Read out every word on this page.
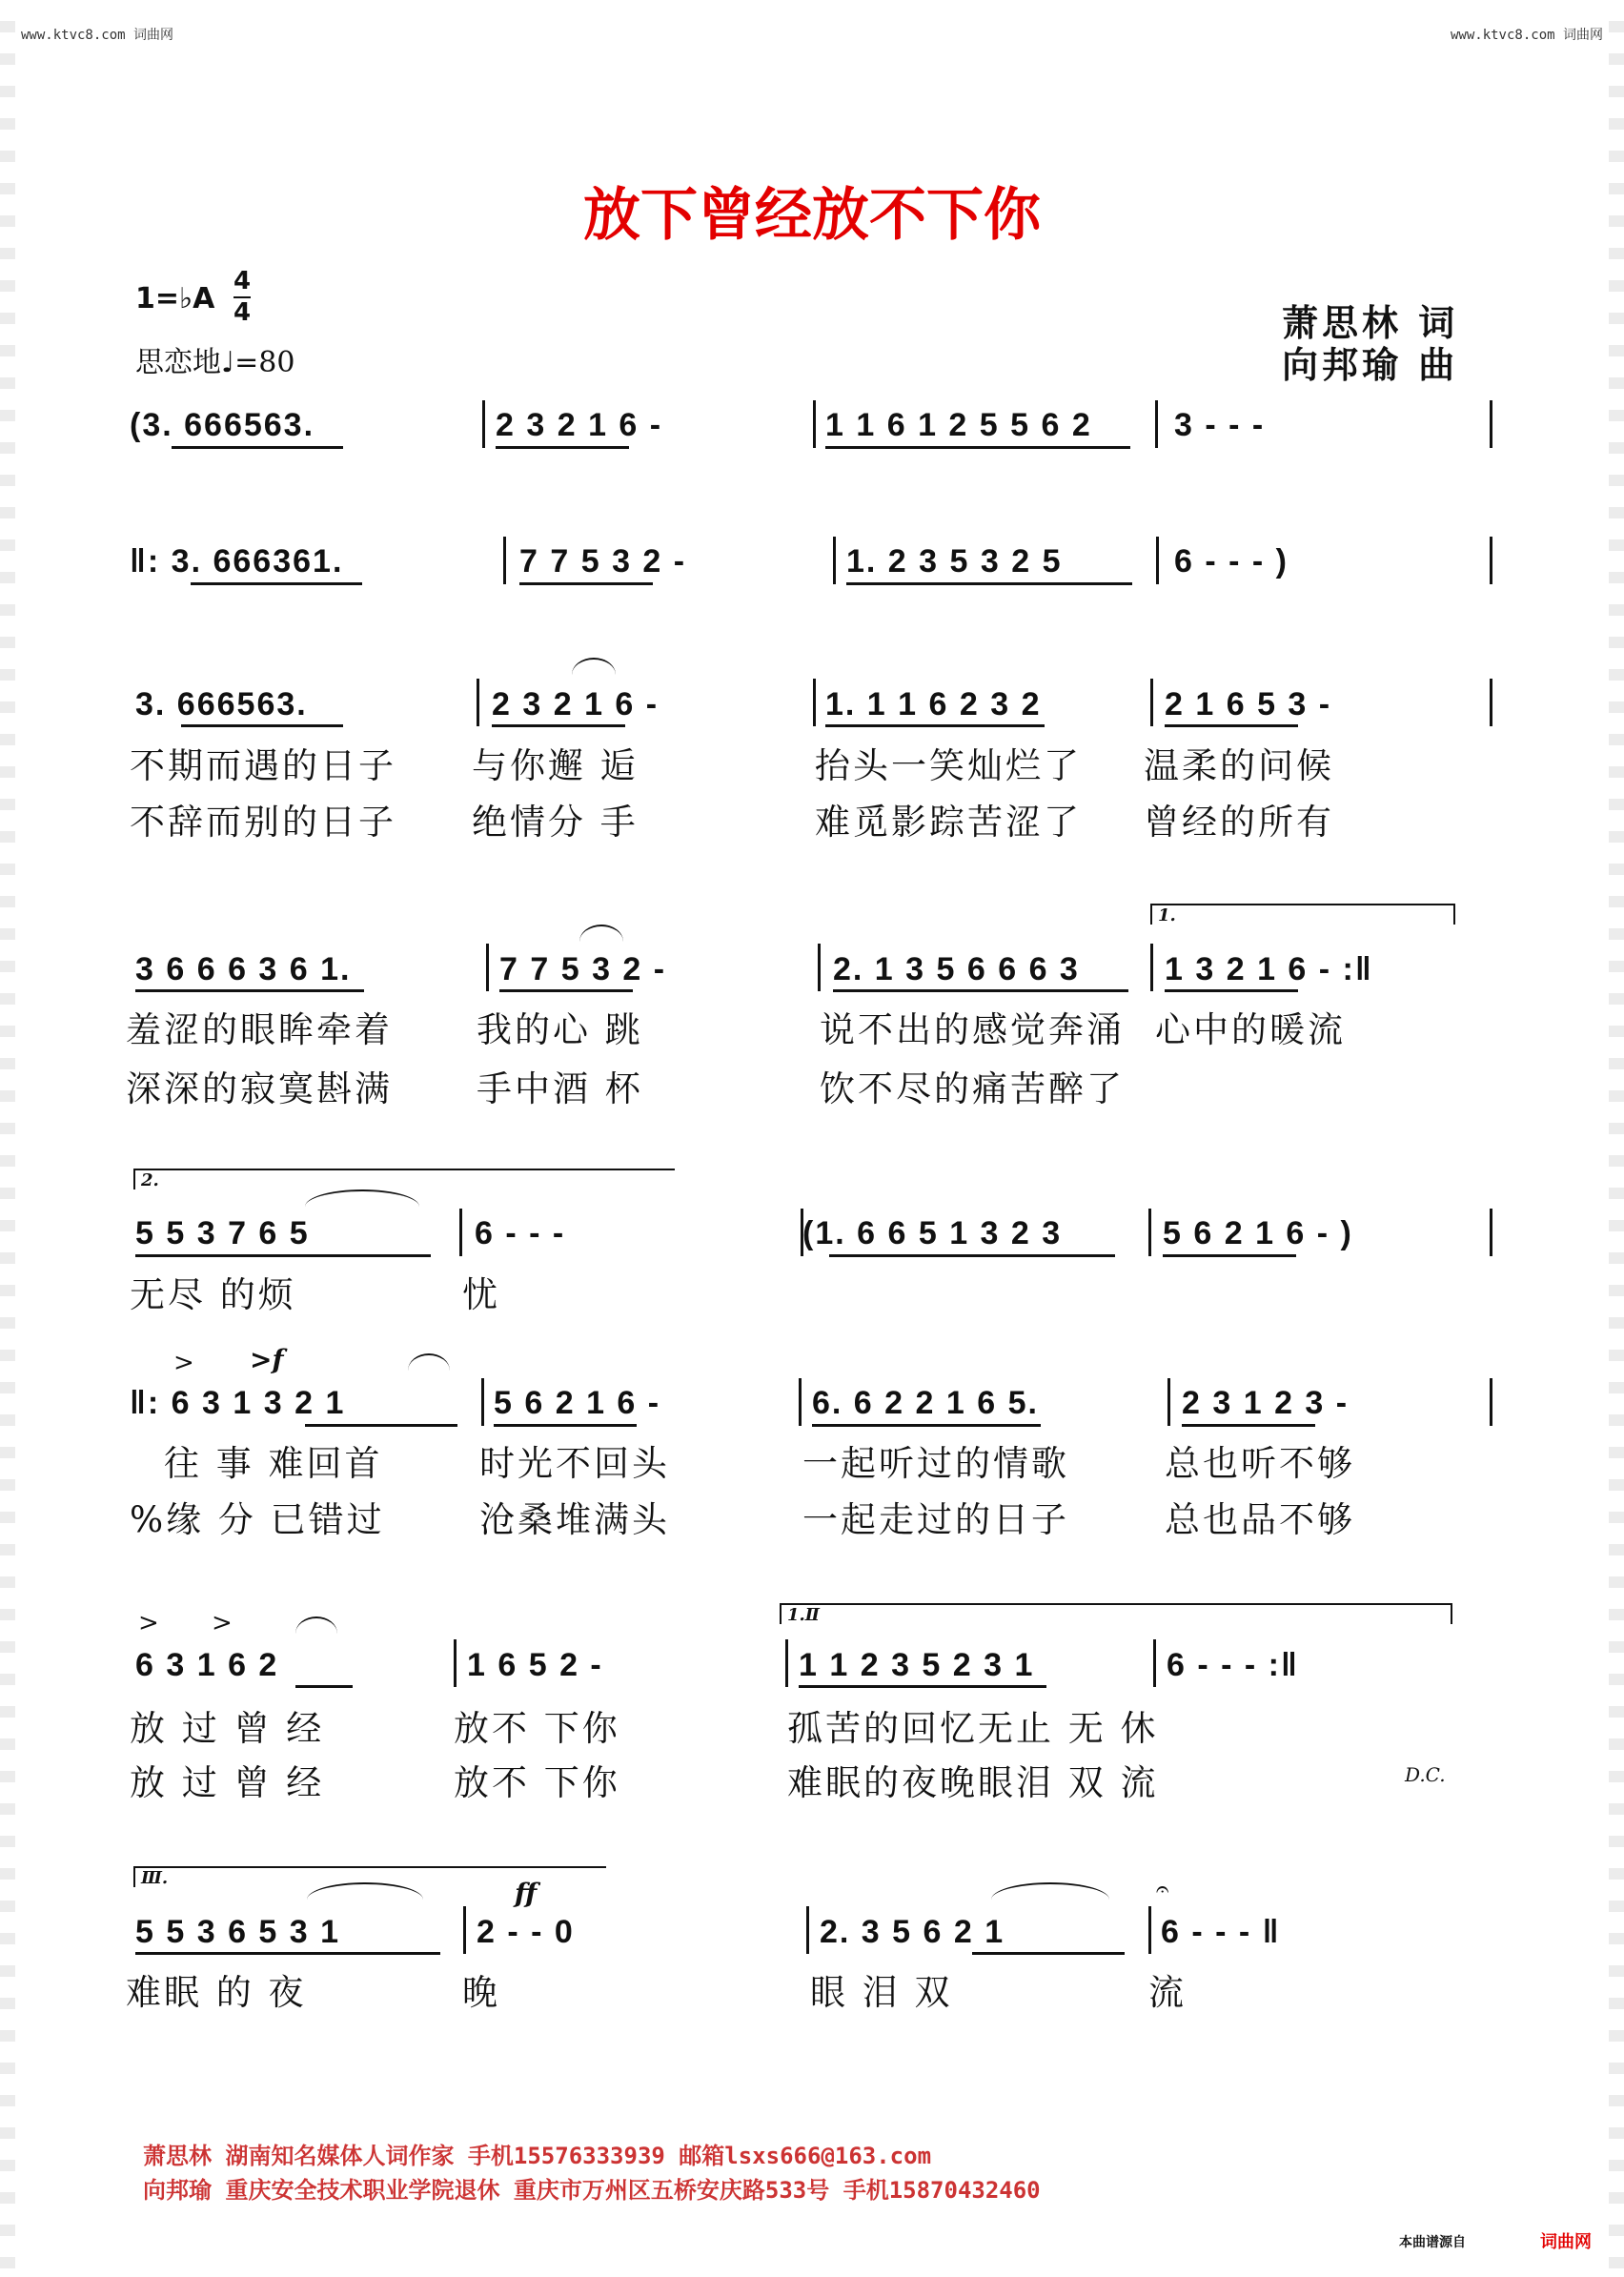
www.ktvc8.com 词曲网	www.ktvc8.com 词曲网
放下曾经放不下你
1=♭A
4
4
思恋地♩=80
萧思林 词
向邦瑜 曲
(3. 666563.	2 3 2 1 6 -	1 1 6 1 2 5 5 6 2	3 - - -
‖: 3. 666361.	7 7 5 3 2 -	1. 2 3 5 3 2 5	6 - - - )
3. 666563.	2 3 2 1 6 -	1. 1 1 6 2 3 2	2 1 6 5 3 -
不期而遇的日子 与你邂 逅	抬头一笑灿烂了 温柔的问候
不辞而别的日子 绝情分 手	难觅影踪苦涩了 曾经的所有
1.
3 6 6 6 3 6 1.	7 7 5 3 2 -	2. 1 3 5 6 6 6 3	1 3 2 1 6 - :‖
羞涩的眼眸牵着 我的心 跳	说不出的感觉奔涌 心中的暖流
深深的寂寞斟满 手中酒 杯	饮不尽的痛苦醉了
2.
5 5 3 7 6 5	6 - - -	(1. 6 6 5 1 3 2 3	5 6 2 1 6 - )
无尽 的烦	忧
> >f
‖: 6 3 1 3 2 1	5 6 2 1 6 -	6. 6 2 2 1 6 5.	2 3 1 2 3 -
往 事 难回首	时光不回头	一起听过的情歌	总也听不够
%缘 分 已错过	沧桑堆满头	一起走过的日子	总也品不够
> >	1.Ⅱ
6 3 1 6 2	1 6 5 2 -	1 1 2 3 5 2 3 1	6 - - - :‖
放 过 曾 经	放不 下你	孤苦的回忆无止 无 休
放 过 曾 经	放不 下你	难眠的夜晚眼泪 双 流	D.C.
Ⅲ.	ff	𝄐
5 5 3 6 5 3 1	2 - - 0	2. 3 5 6 2 1	6 - - - ‖
难眠 的 夜	晚	眼 泪 双	流
萧思林 湖南知名媒体人词作家 手机15576333939 邮箱lsxs666@163.com
向邦瑜 重庆安全技术职业学院退休 重庆市万州区五桥安庆路533号 手机15870432460
本曲谱源自	词曲网
